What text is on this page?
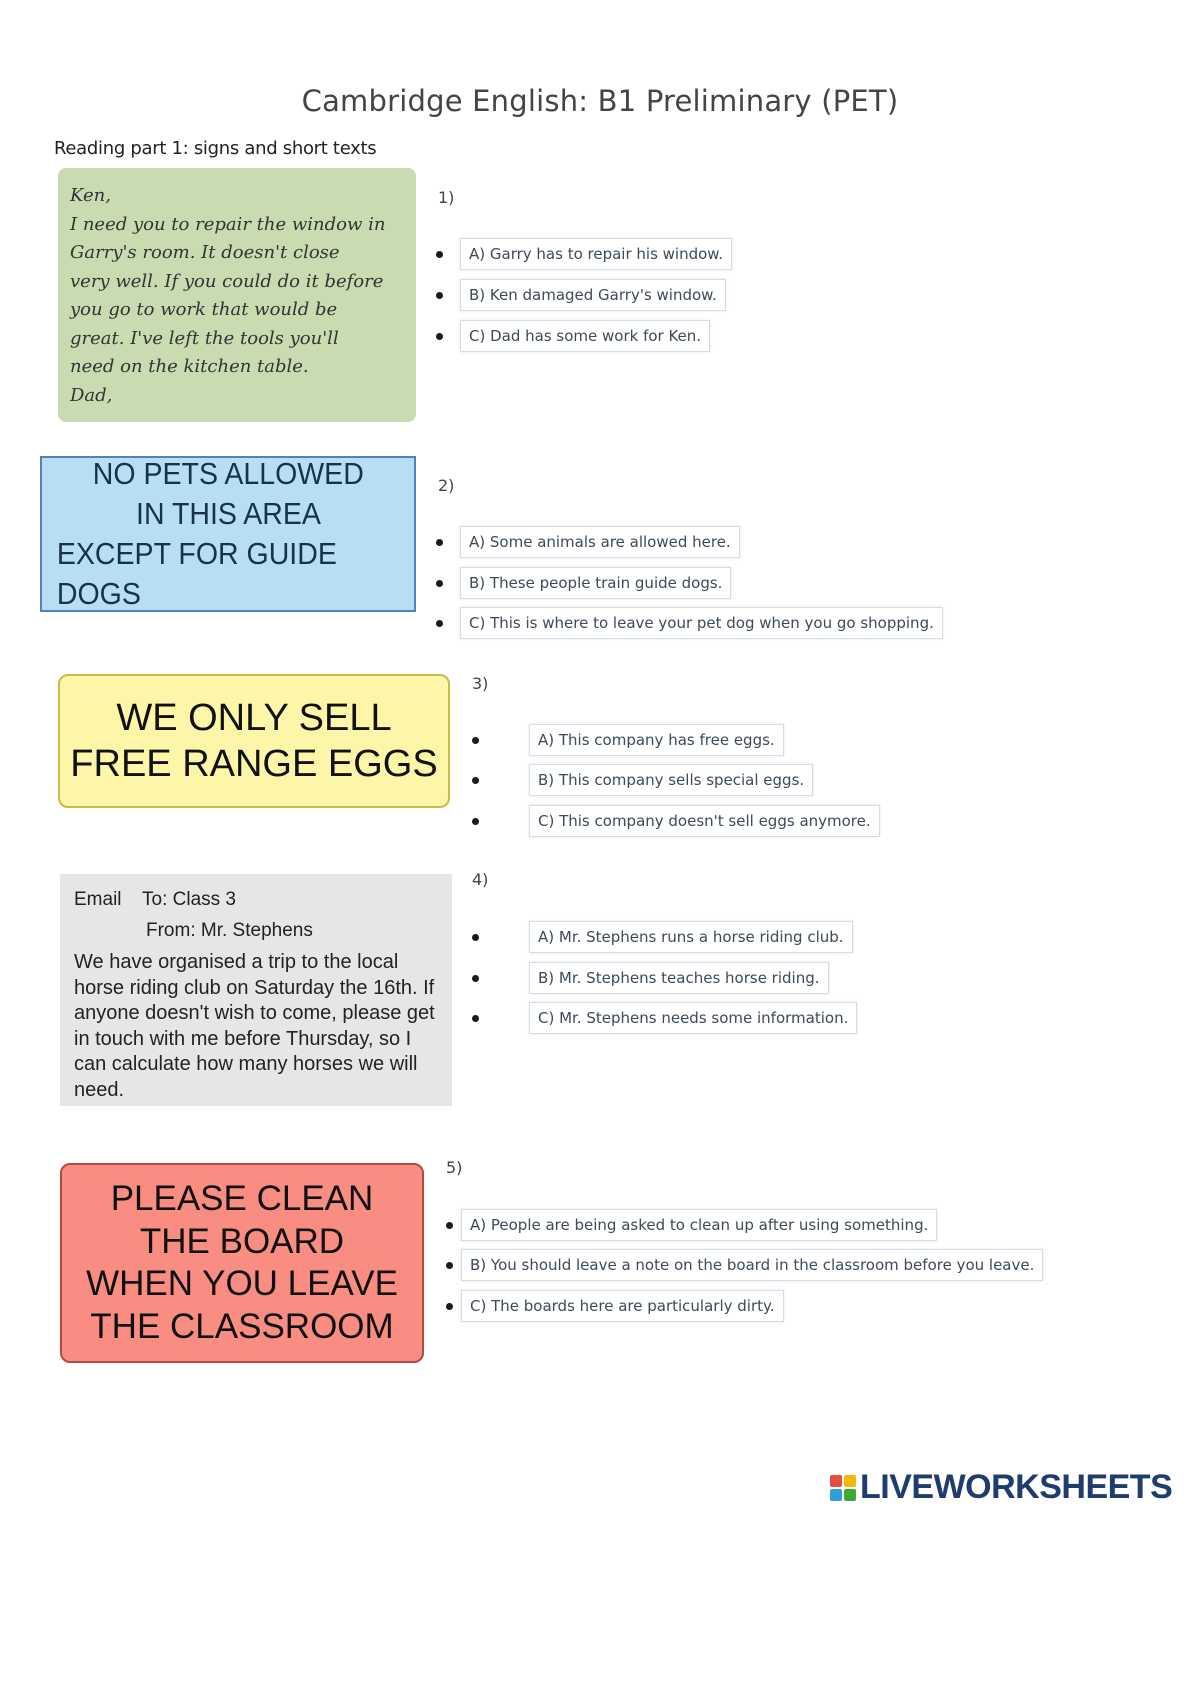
Cambridge English: B1 Preliminary (PET)
Reading part 1: signs and short texts
Ken,
I need you to repair the window in
Garry's room. It doesn't close
very well. If you could do it before
you go to work that would be
great. I've left the tools you'll
need on the kitchen table.
Dad,
NO PETS ALLOWED
IN THIS AREA
EXCEPT FOR GUIDE DOGS
WE ONLY SELL
FREE RANGE EGGS
Email To: Class 3
From: Mr. Stephens
We have organised a trip to the local horse riding club on Saturday the 16th. If anyone doesn't wish to come, please get in touch with me before Thursday, so I can calculate how many horses we will need.
PLEASE CLEAN
THE BOARD
WHEN YOU LEAVE
THE CLASSROOM
1)
A) Garry has to repair his window.
B) Ken damaged Garry's window.
C) Dad has some work for Ken.
2)
A) Some animals are allowed here.
B) These people train guide dogs.
C) This is where to leave your pet dog when you go shopping.
3)
A) This company has free eggs.
B) This company sells special eggs.
C) This company doesn't sell eggs anymore.
4)
A) Mr. Stephens runs a horse riding club.
B) Mr. Stephens teaches horse riding.
C) Mr. Stephens needs some information.
5)
A) People are being asked to clean up after using something.
B) You should leave a note on the board in the classroom before you leave.
C) The boards here are particularly dirty.
LIVEWORKSHEETS
